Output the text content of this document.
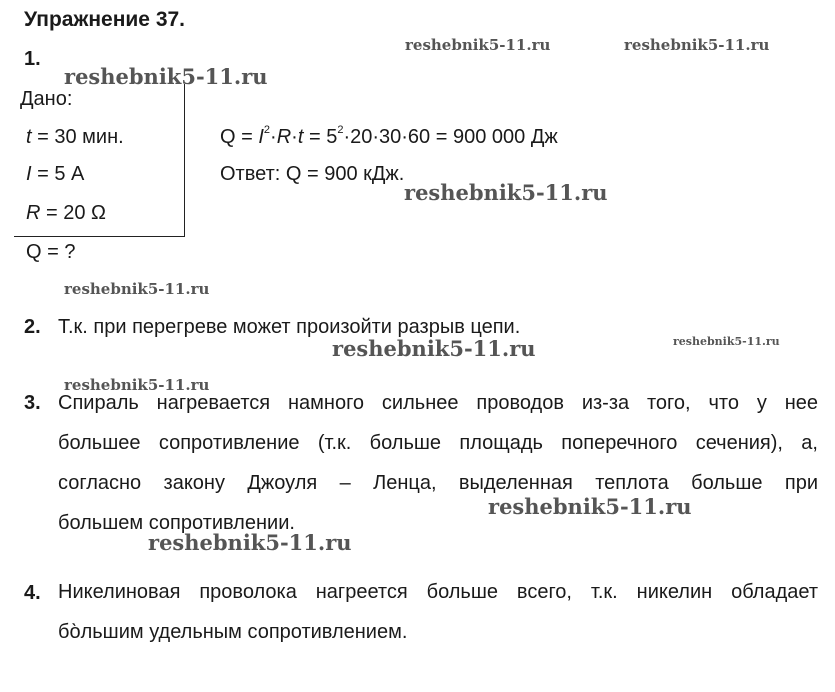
Упражнение 37.
reshebnik5-11.ru	reshebnik5-11.ru
reshebnik5-11.ru
reshebnik5-11.ru
reshebnik5-11.ru
reshebnik5-11.ru	reshebnik5-11.ru
reshebnik5-11.ru
reshebnik5-11.ru
reshebnik5-11.ru
1.
Дано:
t = 30 мин.
I = 5 А
R = 20 Ω
Q = ?
$Q = I^2\cdot R\cdot t = 5^2\cdot 20\cdot 30\cdot 60 = 900$ 000 Дж
Ответ: Q = 900 кДж.
2. Т.к. при перегреве может произойти разрыв цепи.
3. Спираль нагревается намного сильнее проводов из-за того, что у нее
большее сопротивление (т.к. больше площадь поперечного сечения), а,
согласно закону Джоуля – Ленца, выделенная теплота больше при
большем сопротивлении.
4. Никелиновая проволока нагреется больше всего, т.к. никелин обладает
бо̀льшим удельным сопротивлением.
